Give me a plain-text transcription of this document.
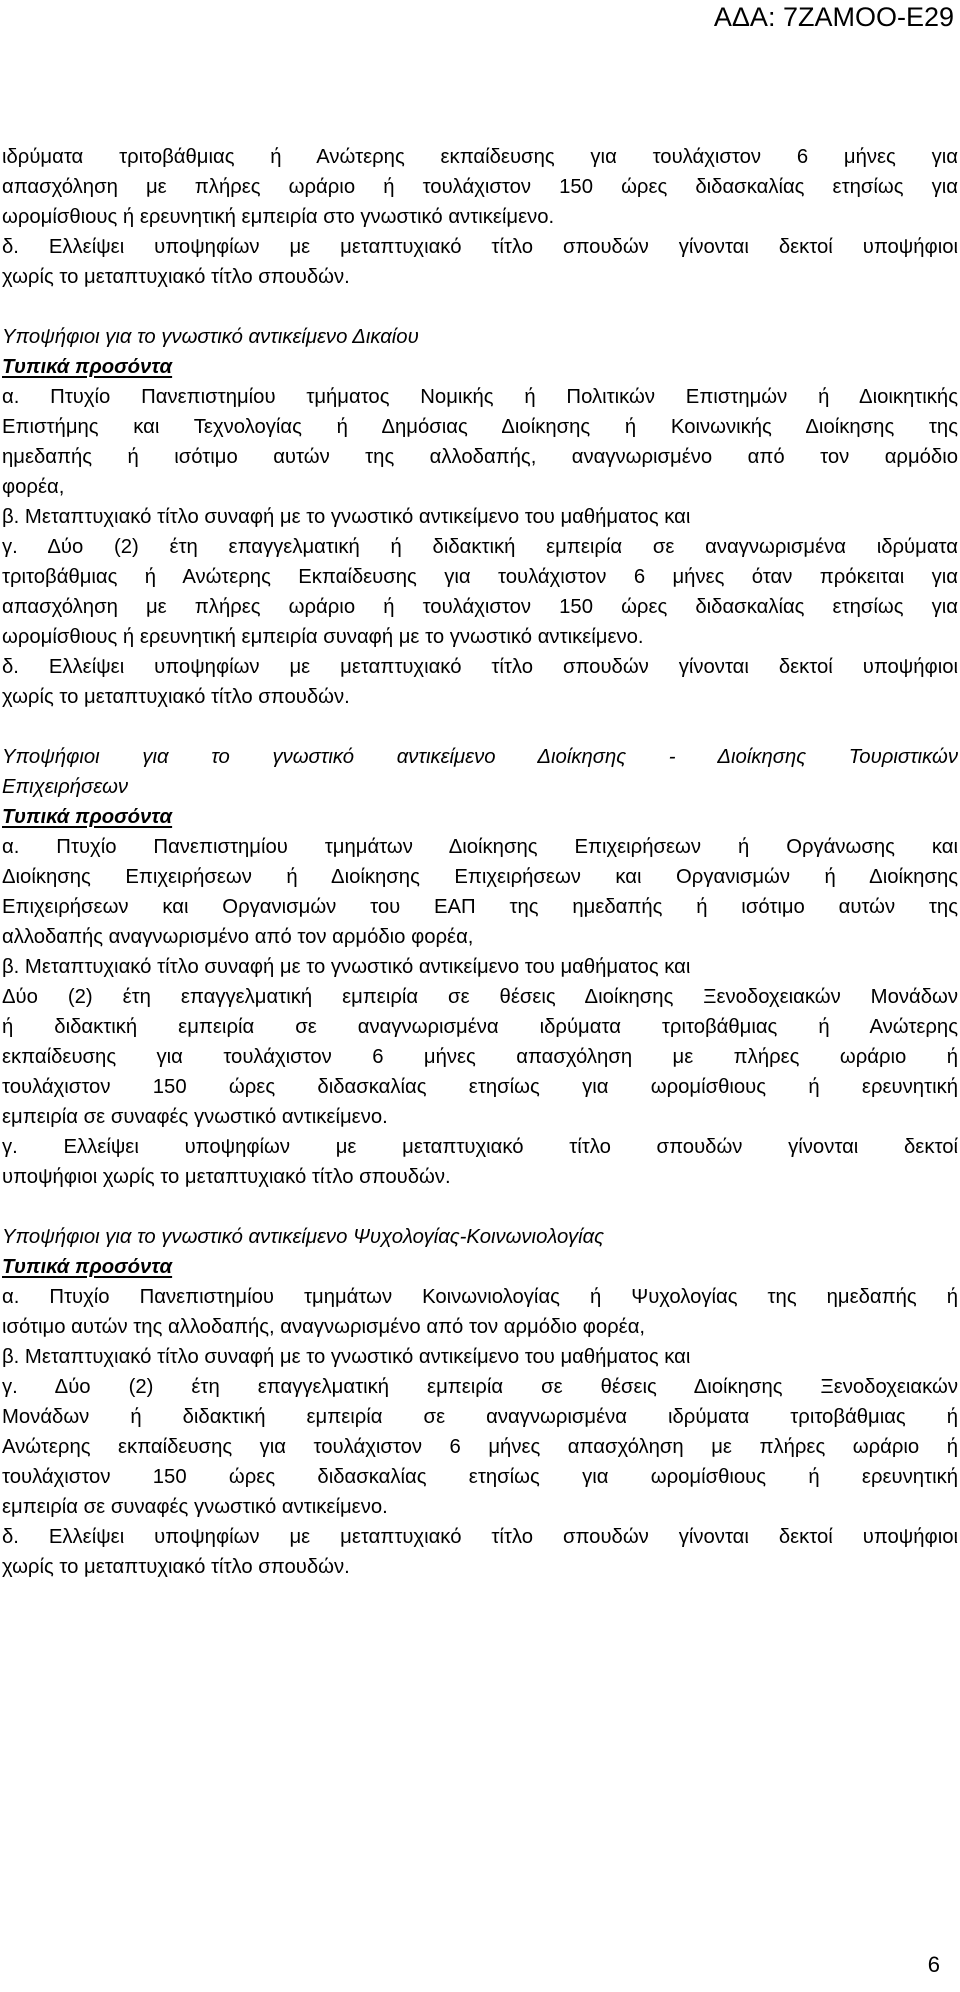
ΑΔΑ: 7ΖΑΜΟΟ-Ε29
ιδρύματα τριτοβάθμιας ή Ανώτερης εκπαίδευσης για τουλάχιστον 6 μήνες για
απασχόληση με πλήρες ωράριο ή τουλάχιστον 150 ώρες διδασκαλίας ετησίως για
ωρομίσθιους ή ερευνητική εμπειρία στο γνωστικό αντικείμενο.
δ. Ελλείψει υποψηφίων με μεταπτυχιακό τίτλο σπουδών γίνονται δεκτοί υποψήφιοι
χωρίς το μεταπτυχιακό τίτλο σπουδών.
Υποψήφιοι για το γνωστικό αντικείμενο Δικαίου
Τυπικά προσόντα
α. Πτυχίο Πανεπιστημίου τμήματος Νομικής ή Πολιτικών Επιστημών ή Διοικητικής
Επιστήμης και Τεχνολογίας ή Δημόσιας Διοίκησης ή Κοινωνικής Διοίκησης της
ημεδαπής ή ισότιμο αυτών της αλλοδαπής, αναγνωρισμένο από τον αρμόδιο
φορέα,
β. Μεταπτυχιακό τίτλο συναφή με το γνωστικό αντικείμενο του μαθήματος και
γ. Δύο (2) έτη επαγγελματική ή διδακτική εμπειρία σε αναγνωρισμένα ιδρύματα
τριτοβάθμιας ή Ανώτερης Εκπαίδευσης για τουλάχιστον 6 μήνες όταν πρόκειται για
απασχόληση με πλήρες ωράριο ή τουλάχιστον 150 ώρες διδασκαλίας ετησίως για
ωρομίσθιους ή ερευνητική εμπειρία συναφή με το γνωστικό αντικείμενο.
δ. Ελλείψει υποψηφίων με μεταπτυχιακό τίτλο σπουδών γίνονται δεκτοί υποψήφιοι
χωρίς το μεταπτυχιακό τίτλο σπουδών.
Υποψήφιοι για το γνωστικό αντικείμενο Διοίκησης - Διοίκησης Τουριστικών
Επιχειρήσεων
Τυπικά προσόντα
α. Πτυχίο Πανεπιστημίου τμημάτων Διοίκησης Επιχειρήσεων ή Οργάνωσης και
Διοίκησης Επιχειρήσεων ή Διοίκησης Επιχειρήσεων και Οργανισμών ή Διοίκησης
Επιχειρήσεων και Οργανισμών του ΕΑΠ της ημεδαπής ή ισότιμο αυτών της
αλλοδαπής αναγνωρισμένο από τον αρμόδιο φορέα,
β. Μεταπτυχιακό τίτλο συναφή με το γνωστικό αντικείμενο του μαθήματος και
Δύο (2) έτη επαγγελματική εμπειρία σε θέσεις Διοίκησης Ξενοδοχειακών Μονάδων
ή διδακτική εμπειρία σε αναγνωρισμένα ιδρύματα τριτοβάθμιας ή Ανώτερης
εκπαίδευσης για τουλάχιστον 6 μήνες απασχόληση με πλήρες ωράριο ή
τουλάχιστον 150 ώρες διδασκαλίας ετησίως για ωρομίσθιους ή ερευνητική
εμπειρία σε συναφές γνωστικό αντικείμενο.
γ. Ελλείψει υποψηφίων με μεταπτυχιακό τίτλο σπουδών γίνονται δεκτοί
υποψήφιοι χωρίς το μεταπτυχιακό τίτλο σπουδών.
Υποψήφιοι για το γνωστικό αντικείμενο Ψυχολογίας-Κοινωνιολογίας
Τυπικά προσόντα
α. Πτυχίο Πανεπιστημίου τμημάτων Κοινωνιολογίας ή Ψυχολογίας της ημεδαπής ή
ισότιμο αυτών της αλλοδαπής, αναγνωρισμένο από τον αρμόδιο φορέα,
β. Μεταπτυχιακό τίτλο συναφή με το γνωστικό αντικείμενο του μαθήματος και
γ. Δύο (2) έτη επαγγελματική εμπειρία σε θέσεις Διοίκησης Ξενοδοχειακών
Μονάδων ή διδακτική εμπειρία σε αναγνωρισμένα ιδρύματα τριτοβάθμιας ή
Ανώτερης εκπαίδευσης για τουλάχιστον 6 μήνες απασχόληση με πλήρες ωράριο ή
τουλάχιστον 150 ώρες διδασκαλίας ετησίως για ωρομίσθιους ή ερευνητική
εμπειρία σε συναφές γνωστικό αντικείμενο.
δ. Ελλείψει υποψηφίων με μεταπτυχιακό τίτλο σπουδών γίνονται δεκτοί υποψήφιοι
χωρίς το μεταπτυχιακό τίτλο σπουδών.
6
